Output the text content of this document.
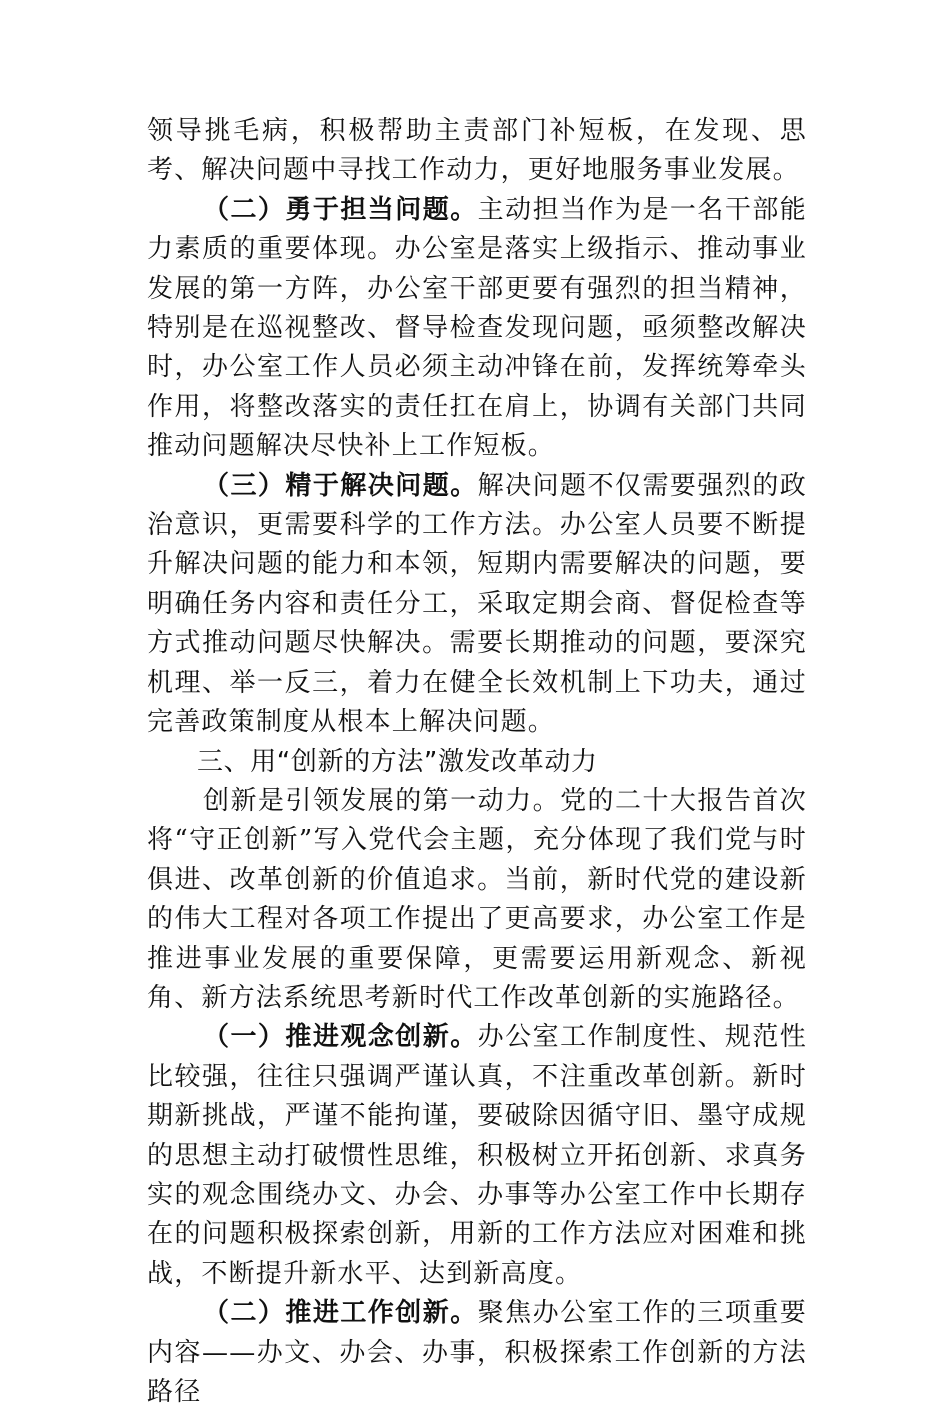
领导挑毛病，积极帮助主责部门补短板，在发现、思考、解决问题中寻找工作动力，更好地服务事业发展。

（二）勇于担当问题。主动担当作为是一名干部能力素质的重要体现。办公室是落实上级指示、推动事业发展的第一方阵，办公室干部更要有强烈的担当精神，特别是在巡视整改、督导检查发现问题，亟须整改解决时，办公室工作人员必须主动冲锋在前，发挥统筹牵头作用，将整改落实的责任扛在肩上，协调有关部门共同推动问题解决尽快补上工作短板。

（三）精于解决问题。解决问题不仅需要强烈的政治意识，更需要科学的工作方法。办公室人员要不断提升解决问题的能力和本领，短期内需要解决的问题，要明确任务内容和责任分工，采取定期会商、督促检查等方式推动问题尽快解决。需要长期推动的问题，要深究机理、举一反三，着力在健全长效机制上下功夫，通过完善政策制度从根本上解决问题。

三、用“创新的方法”激发改革动力

创新是引领发展的第一动力。党的二十大报告首次将“守正创新”写入党代会主题，充分体现了我们党与时俱进、改革创新的价值追求。当前，新时代党的建设新的伟大工程对各项工作提出了更高要求，办公室工作是推进事业发展的重要保障，更需要运用新观念、新视角、新方法系统思考新时代工作改革创新的实施路径。

（一）推进观念创新。办公室工作制度性、规范性比较强，往往只强调严谨认真，不注重改革创新。新时期新挑战，严谨不能拘谨，要破除因循守旧、墨守成规的思想主动打破惯性思维，积极树立开拓创新、求真务实的观念围绕办文、办会、办事等办公室工作中长期存在的问题积极探索创新，用新的工作方法应对困难和挑战，不断提升新水平、达到新高度。

（二）推进工作创新。聚焦办公室工作的三项重要内容——办文、办会、办事，积极探索工作创新的方法路径
